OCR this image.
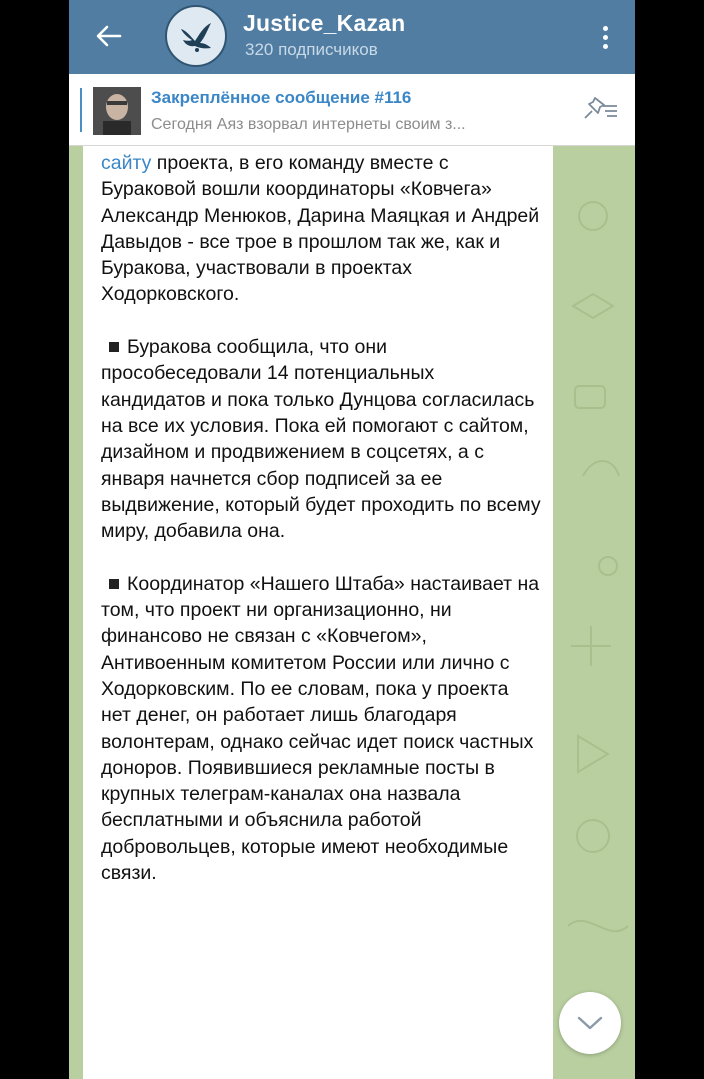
Justice_Kazan
320 подписчиков
Закреплённое сообщение #116
Сегодня Аяз взорвал интернеты своим з...

сайту проекта, в его команду вместе с Бураковой вошли координаторы «Ковчега» Александр Менюков, Дарина Маяцкая и Андрей Давыдов - все трое в прошлом так же, как и Буракова, участвовали в проектах Ходорковского.

Буракова сообщила, что они прособеседовали 14 потенциальных кандидатов и пока только Дунцова согласилась на все их условия. Пока ей помогают с сайтом, дизайном и продвижением в соцсетях, а с января начнется сбор подписей за ее выдвижение, который будет проходить по всему миру, добавила она.

Координатор «Нашего Штаба» настаивает на том, что проект ни организационно, ни финансово не связан с «Ковчегом», Антивоенным комитетом России или лично с Ходорковским. По ее словам, пока у проекта нет денег, он работает лишь благодаря волонтерам, однако сейчас идет поиск частных доноров. Появившиеся рекламные посты в крупных телеграм-каналах она назвала бесплатными и объяснила работой добровольцев, которые имеют необходимые связи.
